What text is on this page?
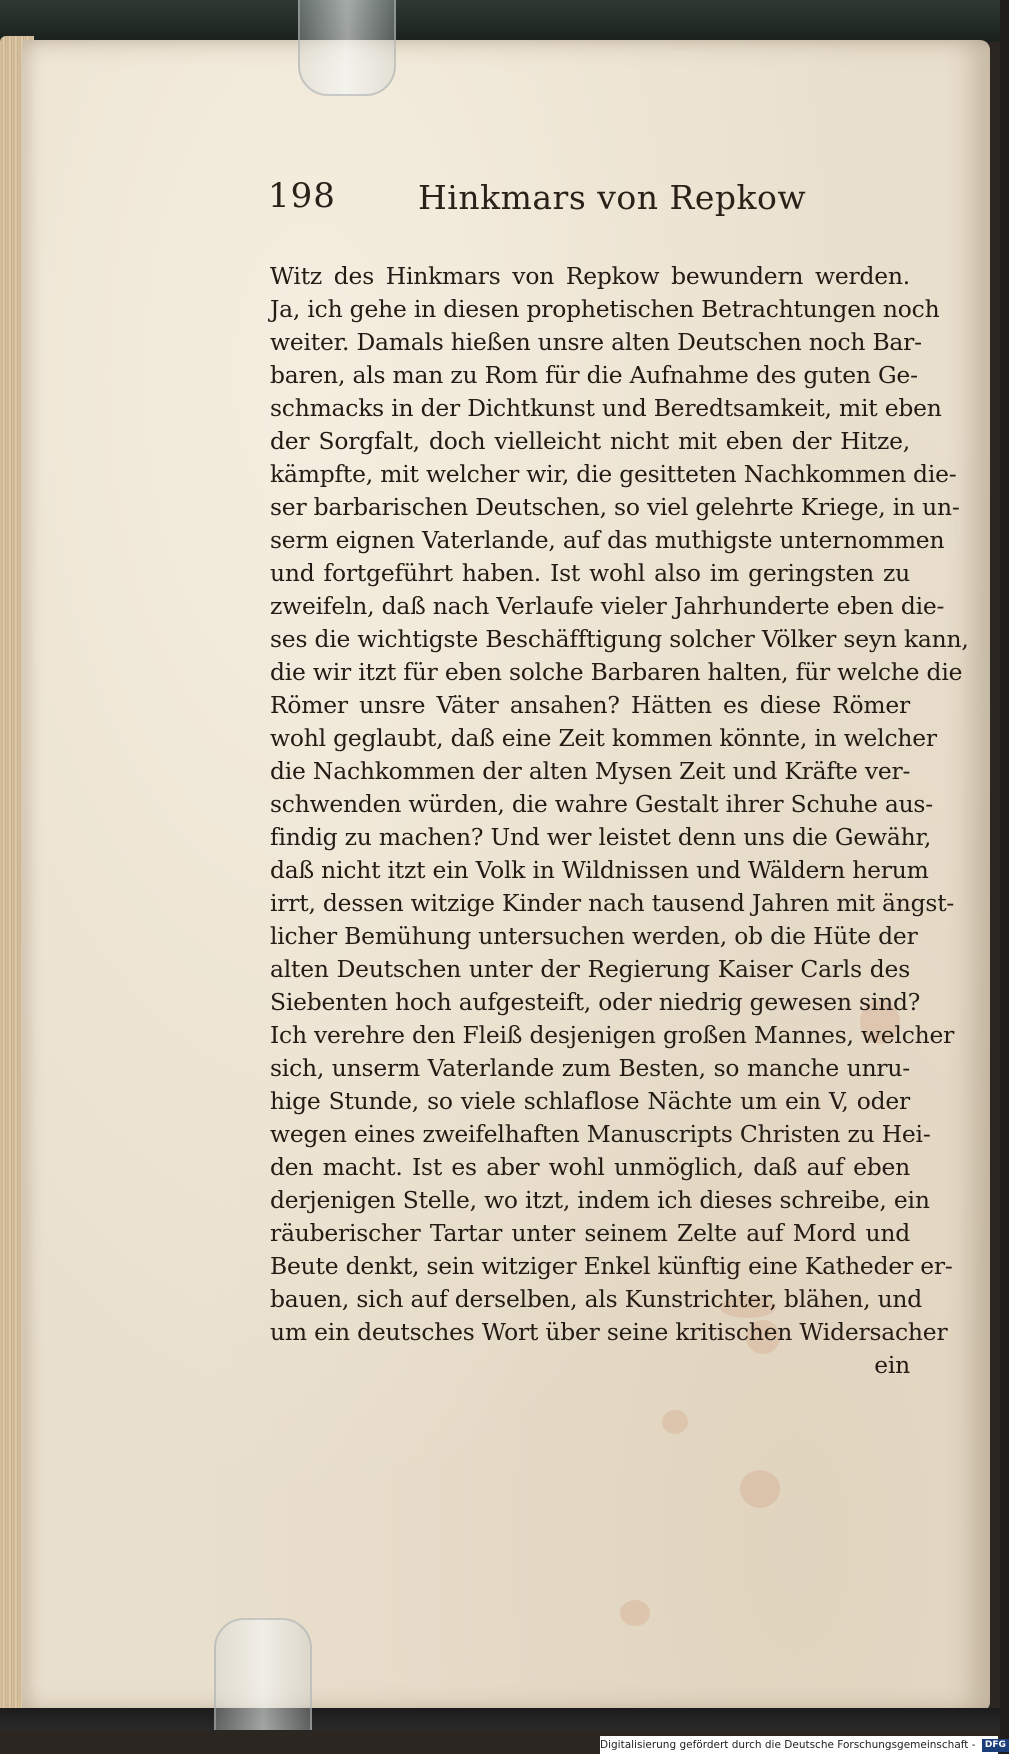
198 Hinkmars von Repkow
Witz des Hinkmars von Repkow bewundern werden.
Ja, ich gehe in diesen prophetischen Betrachtungen noch
weiter. Damals hießen unsre alten Deutschen noch Bar-
baren, als man zu Rom für die Aufnahme des guten Ge-
schmacks in der Dichtkunst und Beredtsamkeit, mit eben
der Sorgfalt, doch vielleicht nicht mit eben der Hitze,
kämpfte, mit welcher wir, die gesitteten Nachkommen die-
ser barbarischen Deutschen, so viel gelehrte Kriege, in un-
serm eignen Vaterlande, auf das muthigste unternommen
und fortgeführt haben. Ist wohl also im geringsten zu
zweifeln, daß nach Verlaufe vieler Jahrhunderte eben die-
ses die wichtigste Beschäfftigung solcher Völker seyn kann,
die wir itzt für eben solche Barbaren halten, für welche die
Römer unsre Väter ansahen? Hätten es diese Römer
wohl geglaubt, daß eine Zeit kommen könnte, in welcher
die Nachkommen der alten Mysen Zeit und Kräfte ver-
schwenden würden, die wahre Gestalt ihrer Schuhe aus-
findig zu machen? Und wer leistet denn uns die Gewähr,
daß nicht itzt ein Volk in Wildnissen und Wäldern herum
irrt, dessen witzige Kinder nach tausend Jahren mit ängst-
licher Bemühung untersuchen werden, ob die Hüte der
alten Deutschen unter der Regierung Kaiser Carls des
Siebenten hoch aufgesteift, oder niedrig gewesen sind?
Ich verehre den Fleiß desjenigen großen Mannes, welcher
sich, unserm Vaterlande zum Besten, so manche unru-
hige Stunde, so viele schlaflose Nächte um ein V, oder
wegen eines zweifelhaften Manuscripts Christen zu Hei-
den macht. Ist es aber wohl unmöglich, daß auf eben
derjenigen Stelle, wo itzt, indem ich dieses schreibe, ein
räuberischer Tartar unter seinem Zelte auf Mord und
Beute denkt, sein witziger Enkel künftig eine Katheder er-
bauen, sich auf derselben, als Kunstrichter, blähen, und
um ein deutsches Wort über seine kritischen Widersacher
ein
Digitalisierung gefördert durch die Deutsche Forschungsgemeinschaft - DFG
